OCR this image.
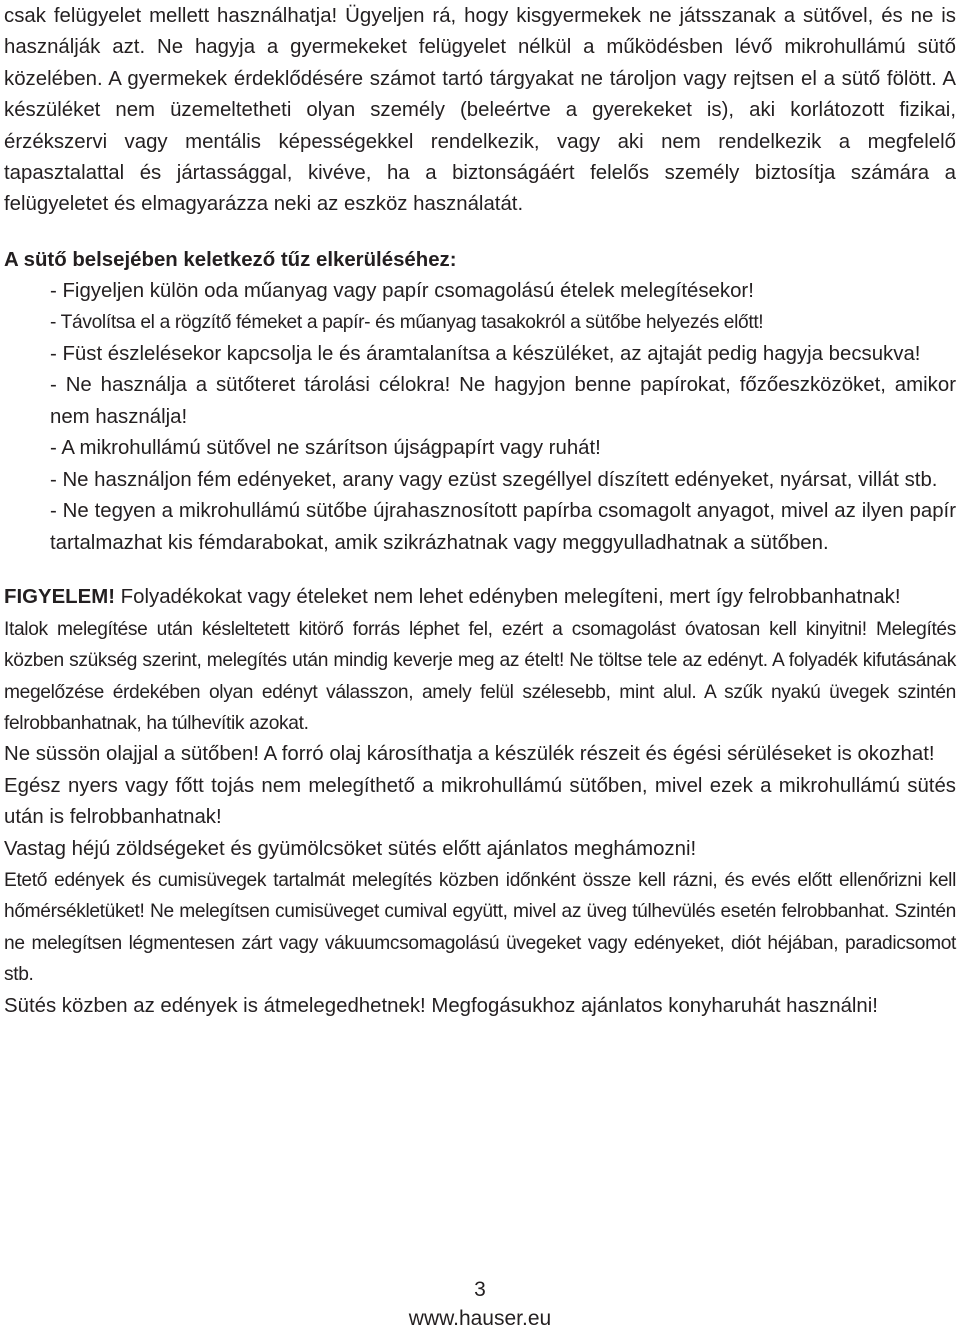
csak felügyelet mellett használhatja! Ügyeljen rá, hogy kisgyermekek ne játsszanak a sütővel, és ne is használják azt. Ne hagyja a gyermekeket felügyelet nélkül a működésben lévő mikrohullámú sütő közelében. A gyermekek érdeklődésére számot tartó tárgyakat ne tároljon vagy rejtsen el a sütő fölött. A készüléket nem üzemeltetheti olyan személy (beleértve a gyerekeket is), aki korlátozott fizikai, érzékszervi vagy mentális képességekkel rendelkezik, vagy aki nem rendelkezik a megfelelő tapasztalattal és jártassággal, kivéve, ha a biztonságáért felelős személy biztosítja számára a felügyeletet és elmagyarázza neki az eszköz használatát.

A sütő belsejében keletkező tűz elkerüléséhez:

- Figyeljen külön oda műanyag vagy papír csomagolású ételek melegítésekor!

- Távolítsa el a rögzítő fémeket a papír- és műanyag tasakokról a sütőbe helyezés előtt!

- Füst észlelésekor kapcsolja le és áramtalanítsa a készüléket, az ajtaját pedig hagyja becsukva!

- Ne használja a sütőteret tárolási célokra! Ne hagyjon benne papírokat, főzőeszközöket, amikor nem használja!

- A mikrohullámú sütővel ne szárítson újságpapírt vagy ruhát!

- Ne használjon fém edényeket, arany vagy ezüst szegéllyel díszített edényeket, nyársat, villát stb.

- Ne tegyen a mikrohullámú sütőbe újrahasznosított papírba csomagolt anyagot, mivel az ilyen papír tartalmazhat kis fémdarabokat, amik szikrázhatnak vagy meggyulladhatnak a sütőben.

FIGYELEM! Folyadékokat vagy ételeket nem lehet edényben melegíteni, mert így felrobbanhatnak!

Italok melegítése után késleltetett kitörő forrás léphet fel, ezért a csomagolást óvatosan kell kinyitni! Melegítés közben szükség szerint, melegítés után mindig keverje meg az ételt! Ne töltse tele az edényt. A folyadék kifutásának megelőzése érdekében olyan edényt válasszon, amely felül szélesebb, mint alul. A szűk nyakú üvegek szintén felrobbanhatnak, ha túlhevítik azokat.

Ne süssön olajjal a sütőben! A forró olaj károsíthatja a készülék részeit és égési sérüléseket is okozhat!

Egész nyers vagy főtt tojás nem melegíthető a mikrohullámú sütőben, mivel ezek a mikrohullámú sütés után is felrobbanhatnak!

Vastag héjú zöldségeket és gyümölcsöket sütés előtt ajánlatos meghámozni!

Etető edények és cumisüvegek tartalmát melegítés közben időnként össze kell rázni, és evés előtt ellenőrizni kell hőmérsékletüket! Ne melegítsen cumisüveget cumival együtt, mivel az üveg túlhevülés esetén felrobbanhat. Szintén ne melegítsen légmentesen zárt vagy vákuumcsomagolású üvegeket vagy edényeket, diót héjában, paradicsomot stb.

Sütés közben az edények is átmelegedhetnek! Megfogásukhoz ajánlatos konyharuhát használni!

3
www.hauser.eu
